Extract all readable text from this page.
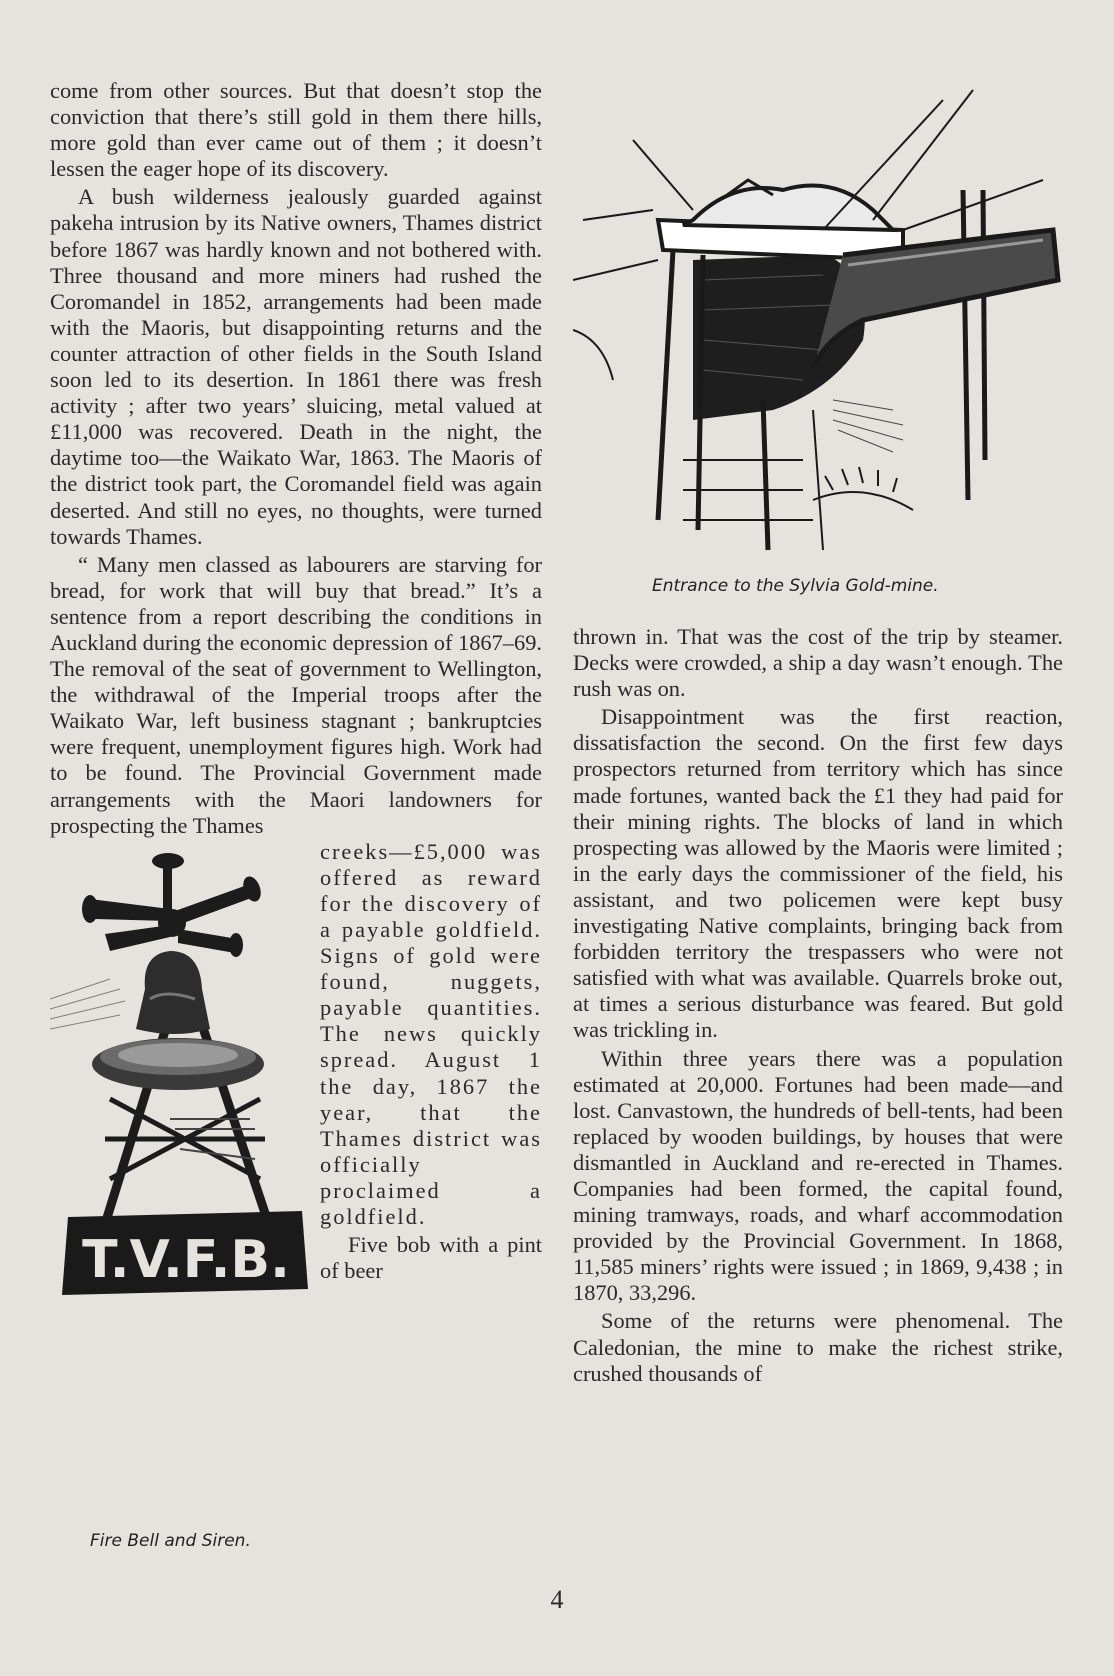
come from other sources. But that doesn’t stop the conviction that there’s still gold in them there hills, more gold than ever came out of them ; it doesn’t lessen the eager hope of its discovery.

A bush wilderness jealously guarded against pakeha intrusion by its Native owners, Thames district before 1867 was hardly known and not bothered with. Three thousand and more miners had rushed the Coromandel in 1852, arrangements had been made with the Maoris, but disappointing returns and the counter attraction of other fields in the South Island soon led to its desertion. In 1861 there was fresh activity ; after two years’ sluicing, metal valued at £11,000 was recovered. Death in the night, the daytime too—the Waikato War, 1863. The Maoris of the district took part, the Coromandel field was again deserted. And still no eyes, no thoughts, were turned towards Thames.

“ Many men classed as labourers are starving for bread, for work that will buy that bread.” It’s a sentence from a report describing the conditions in Auckland during the economic depression of 1867–69. The removal of the seat of government to Wellington, the withdrawal of the Imperial troops after the Waikato War, left business stagnant ; bankruptcies were frequent, unemployment figures high. Work had to be found. The Provincial Government made arrangements with the Maori landowners for prospecting the Thames

T.V.F.B.

creeks—£5,000 was offered as reward for the discovery of a payable goldfield. Signs of gold were found, nuggets, payable quantities. The news quickly spread. August 1 the day, 1867 the year, that the Thames district was officially proclaimed a goldfield.

Five bob with a pint of beer

Fire Bell and Siren.
Entrance to the Sylvia Gold-mine.

thrown in. That was the cost of the trip by steamer. Decks were crowded, a ship a day wasn’t enough. The rush was on.

Disappointment was the first reaction, dissatisfaction the second. On the first few days prospectors returned from territory which has since made fortunes, wanted back the £1 they had paid for their mining rights. The blocks of land in which prospecting was allowed by the Maoris were limited ; in the early days the commissioner of the field, his assistant, and two policemen were kept busy investigating Native complaints, bringing back from forbidden territory the trespassers who were not satisfied with what was available. Quarrels broke out, at times a serious disturbance was feared. But gold was trickling in.

Within three years there was a population estimated at 20,000. Fortunes had been made—and lost. Canvastown, the hundreds of bell-tents, had been replaced by wooden buildings, by houses that were dismantled in Auckland and re-erected in Thames. Companies had been formed, the capital found, mining tramways, roads, and wharf accommodation provided by the Provincial Government. In 1868, 11,585 miners’ rights were issued ; in 1869, 9,438 ; in 1870, 33,296.

Some of the returns were phenomenal. The Caledonian, the mine to make the richest strike, crushed thousands of

4
